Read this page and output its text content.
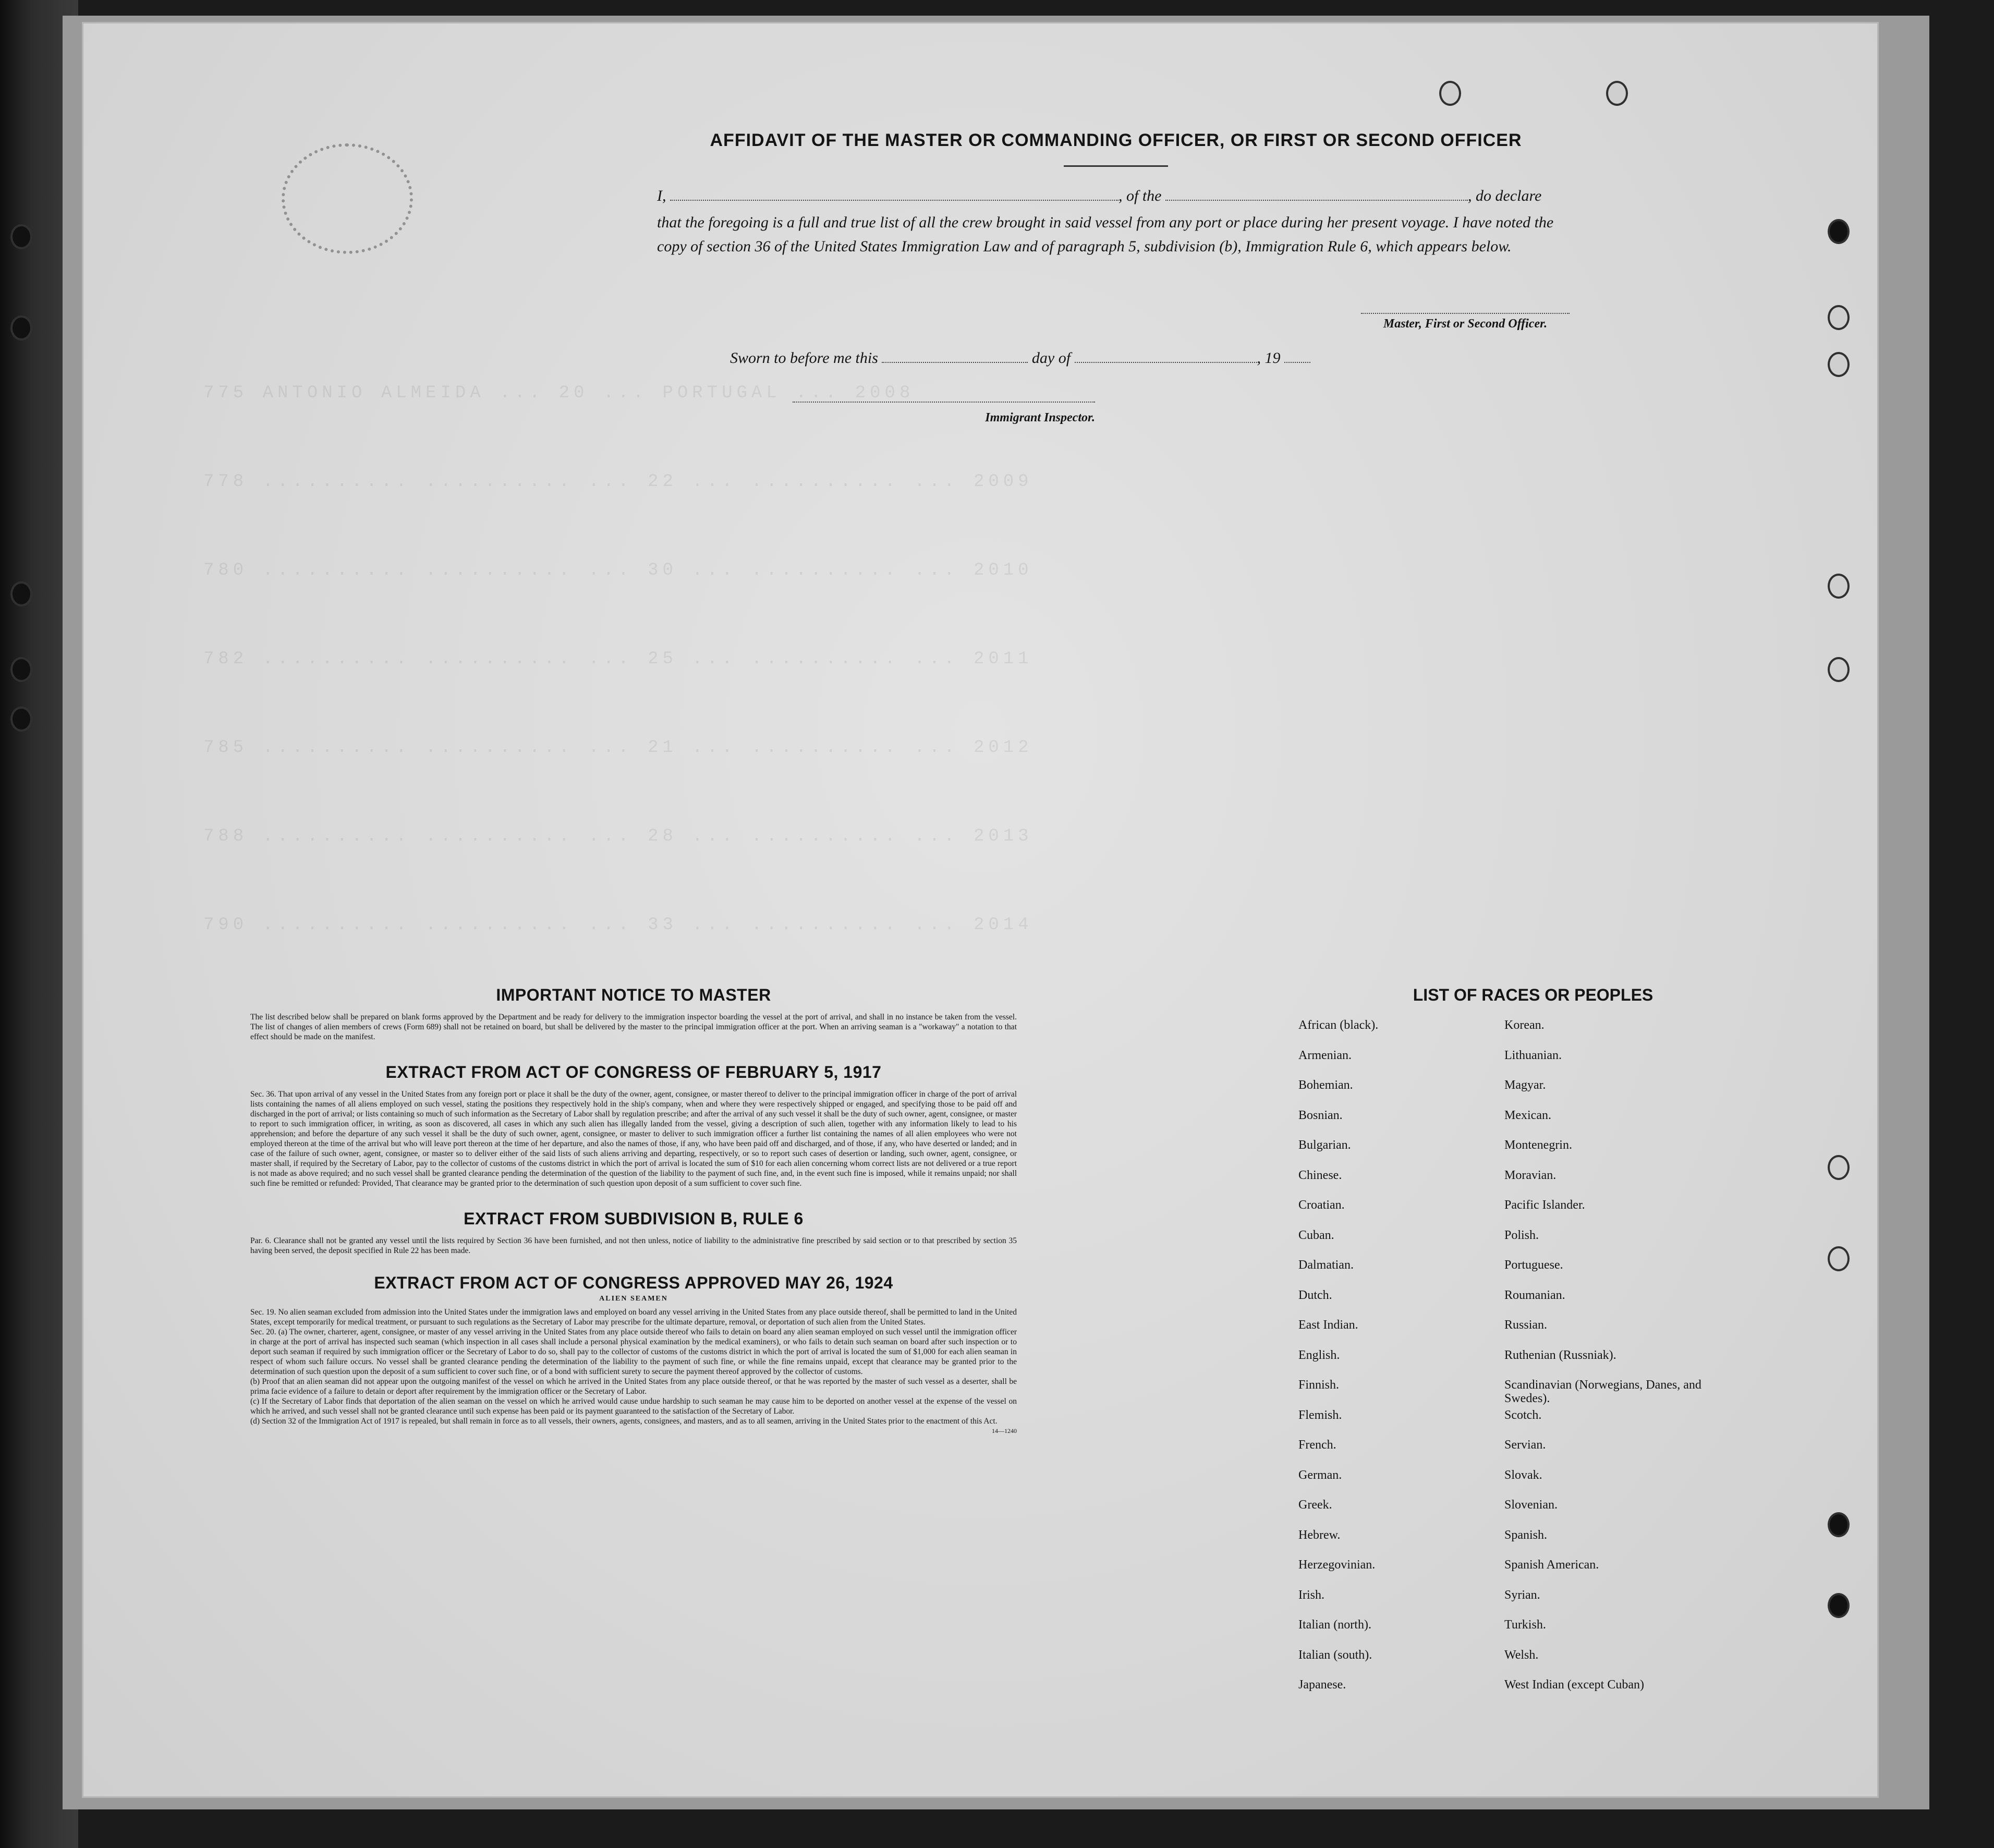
775 ANTONIO ALMEIDA ... 20 ... PORTUGAL ... 2008
778 .......... .......... ... 22 ... .......... ... 2009
780 .......... .......... ... 30 ... .......... ... 2010
782 .......... .......... ... 25 ... .......... ... 2011
785 .......... .......... ... 21 ... .......... ... 2012
788 .......... .......... ... 28 ... .......... ... 2013
790 .......... .......... ... 33 ... .......... ... 2014
AFFIDAVIT OF THE MASTER OR COMMANDING OFFICER, OR FIRST OR SECOND OFFICER
I,	, of the	, do declare
that the foregoing is a full and true list of all the crew brought in said vessel from any port or place during her present voyage. I have noted the copy of section 36 of the United States Immigration Law and of paragraph 5, subdivision (b), Immigration Rule 6, which appears below.
Master, First or Second Officer.
Sworn to before me this	day of	, 19
Immigrant Inspector.
IMPORTANT NOTICE TO MASTER

The list described below shall be prepared on blank forms approved by the Department and be ready for delivery to the immigration inspector boarding the vessel at the port of arrival, and shall in no instance be taken from the vessel. The list of changes of alien members of crews (Form 689) shall not be retained on board, but shall be delivered by the master to the principal immigration officer at the port. When an arriving seaman is a "workaway" a notation to that effect should be made on the manifest.

EXTRACT FROM ACT OF CONGRESS OF FEBRUARY 5, 1917

Sec. 36. That upon arrival of any vessel in the United States from any foreign port or place it shall be the duty of the owner, agent, consignee, or master thereof to deliver to the principal immigration officer in charge of the port of arrival lists containing the names of all aliens employed on such vessel, stating the positions they respectively hold in the ship's company, when and where they were respectively shipped or engaged, and specifying those to be paid off and discharged in the port of arrival; or lists containing so much of such information as the Secretary of Labor shall by regulation prescribe; and after the arrival of any such vessel it shall be the duty of such owner, agent, consignee, or master to report to such immigration officer, in writing, as soon as discovered, all cases in which any such alien has illegally landed from the vessel, giving a description of such alien, together with any information likely to lead to his apprehension; and before the departure of any such vessel it shall be the duty of such owner, agent, consignee, or master to deliver to such immigration officer a further list containing the names of all alien employees who were not employed thereon at the time of the arrival but who will leave port thereon at the time of her departure, and also the names of those, if any, who have been paid off and discharged, and of those, if any, who have deserted or landed; and in case of the failure of such owner, agent, consignee, or master so to deliver either of the said lists of such aliens arriving and departing, respectively, or so to report such cases of desertion or landing, such owner, agent, consignee, or master shall, if required by the Secretary of Labor, pay to the collector of customs of the customs district in which the port of arrival is located the sum of $10 for each alien concerning whom correct lists are not delivered or a true report is not made as above required; and no such vessel shall be granted clearance pending the determination of the question of the liability to the payment of such fine, and, in the event such fine is imposed, while it remains unpaid; nor shall such fine be remitted or refunded: Provided, That clearance may be granted prior to the determination of such question upon deposit of a sum sufficient to cover such fine.

EXTRACT FROM SUBDIVISION B, RULE 6

Par. 6. Clearance shall not be granted any vessel until the lists required by Section 36 have been furnished, and not then unless, notice of liability to the administrative fine prescribed by said section or to that prescribed by section 35 having been served, the deposit specified in Rule 22 has been made.

EXTRACT FROM ACT OF CONGRESS APPROVED MAY 26, 1924
ALIEN SEAMEN

Sec. 19. No alien seaman excluded from admission into the United States under the immigration laws and employed on board any vessel arriving in the United States from any place outside thereof, shall be permitted to land in the United States, except temporarily for medical treatment, or pursuant to such regulations as the Secretary of Labor may prescribe for the ultimate departure, removal, or deportation of such alien from the United States.

Sec. 20. (a) The owner, charterer, agent, consignee, or master of any vessel arriving in the United States from any place outside thereof who fails to detain on board any alien seaman employed on such vessel until the immigration officer in charge at the port of arrival has inspected such seaman (which inspection in all cases shall include a personal physical examination by the medical examiners), or who fails to detain such seaman on board after such inspection or to deport such seaman if required by such immigration officer or the Secretary of Labor to do so, shall pay to the collector of customs of the customs district in which the port of arrival is located the sum of $1,000 for each alien seaman in respect of whom such failure occurs. No vessel shall be granted clearance pending the determination of the liability to the payment of such fine, or while the fine remains unpaid, except that clearance may be granted prior to the determination of such question upon the deposit of a sum sufficient to cover such fine, or of a bond with sufficient surety to secure the payment thereof approved by the collector of customs.

(b) Proof that an alien seaman did not appear upon the outgoing manifest of the vessel on which he arrived in the United States from any place outside thereof, or that he was reported by the master of such vessel as a deserter, shall be prima facie evidence of a failure to detain or deport after requirement by the immigration officer or the Secretary of Labor.

(c) If the Secretary of Labor finds that deportation of the alien seaman on the vessel on which he arrived would cause undue hardship to such seaman he may cause him to be deported on another vessel at the expense of the vessel on which he arrived, and such vessel shall not be granted clearance until such expense has been paid or its payment guaranteed to the satisfaction of the Secretary of Labor.

(d) Section 32 of the Immigration Act of 1917 is repealed, but shall remain in force as to all vessels, their owners, agents, consignees, and masters, and as to all seamen, arriving in the United States prior to the enactment of this Act.

14—1240
LIST OF RACES OR PEOPLES
African (black).	Korean.
Armenian.	Lithuanian.
Bohemian.	Magyar.
Bosnian.	Mexican.
Bulgarian.	Montenegrin.
Chinese.	Moravian.
Croatian.	Pacific Islander.
Cuban.	Polish.
Dalmatian.	Portuguese.
Dutch.	Roumanian.
East Indian.	Russian.
English.	Ruthenian (Russniak).
Finnish.	Scandinavian (Norwegians, Danes, and Swedes).
Flemish.	Scotch.
French.	Servian.
German.	Slovak.
Greek.	Slovenian.
Hebrew.	Spanish.
Herzegovinian.	Spanish American.
Irish.	Syrian.
Italian (north).	Turkish.
Italian (south).	Welsh.
Japanese.	West Indian (except Cuban)
